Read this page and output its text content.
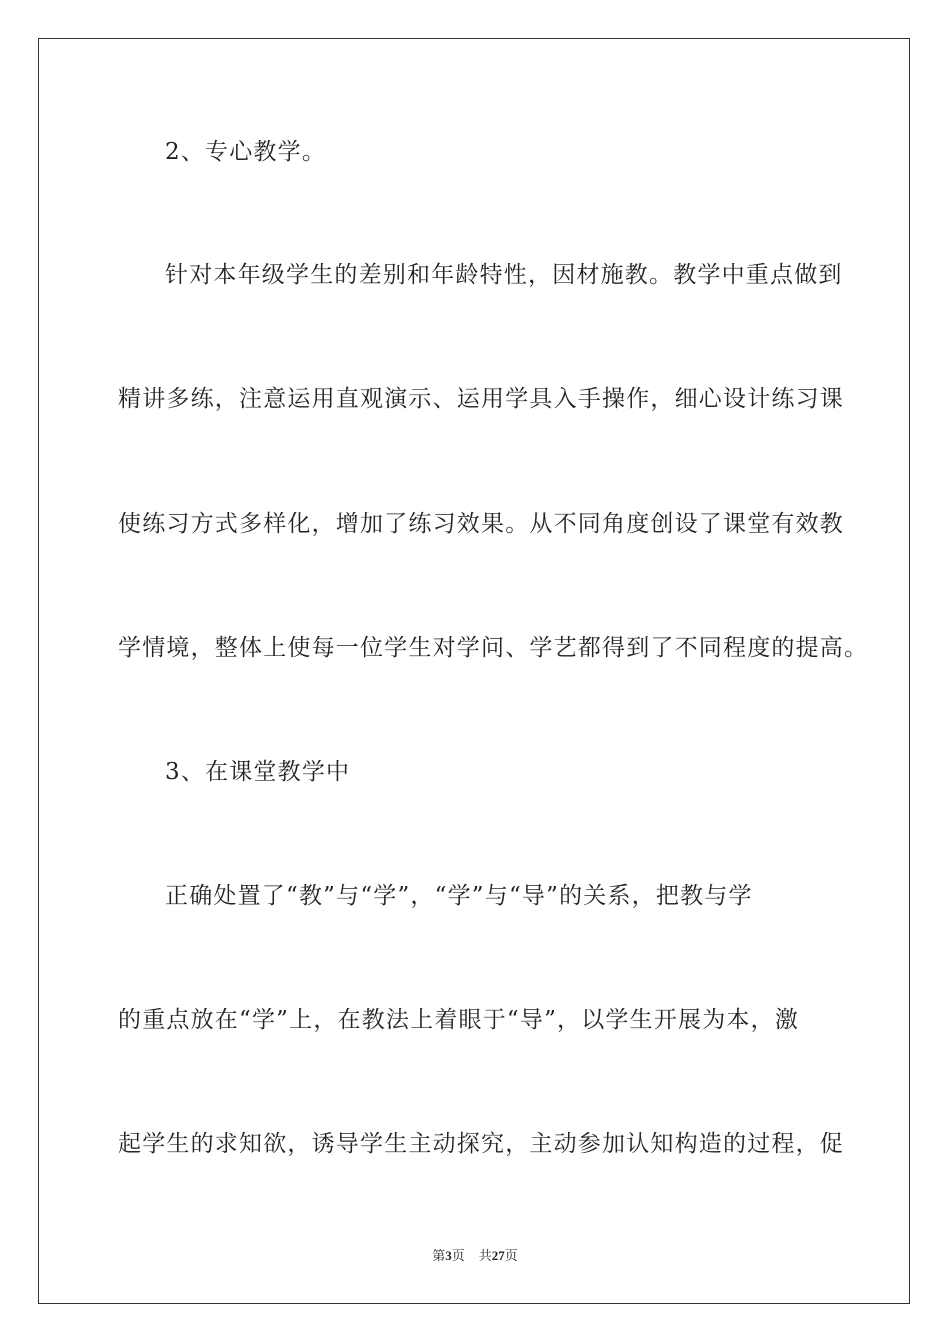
2、专心教学。
针对本年级学生的差别和年龄特性，因材施教。教学中重点做到
精讲多练，注意运用直观演示、运用学具入手操作，细心设计练习课
使练习方式多样化，增加了练习效果。从不同角度创设了课堂有效教
学情境，整体上使每一位学生对学问、学艺都得到了不同程度的提高。
3、在课堂教学中
正确处置了“教”与“学”，“学”与“导”的关系，把教与学
的重点放在“学”上，在教法上着眼于“导”，以学生开展为本，激
起学生的求知欲，诱导学生主动探究，主动参加认知构造的过程，促
第3页 共27页
